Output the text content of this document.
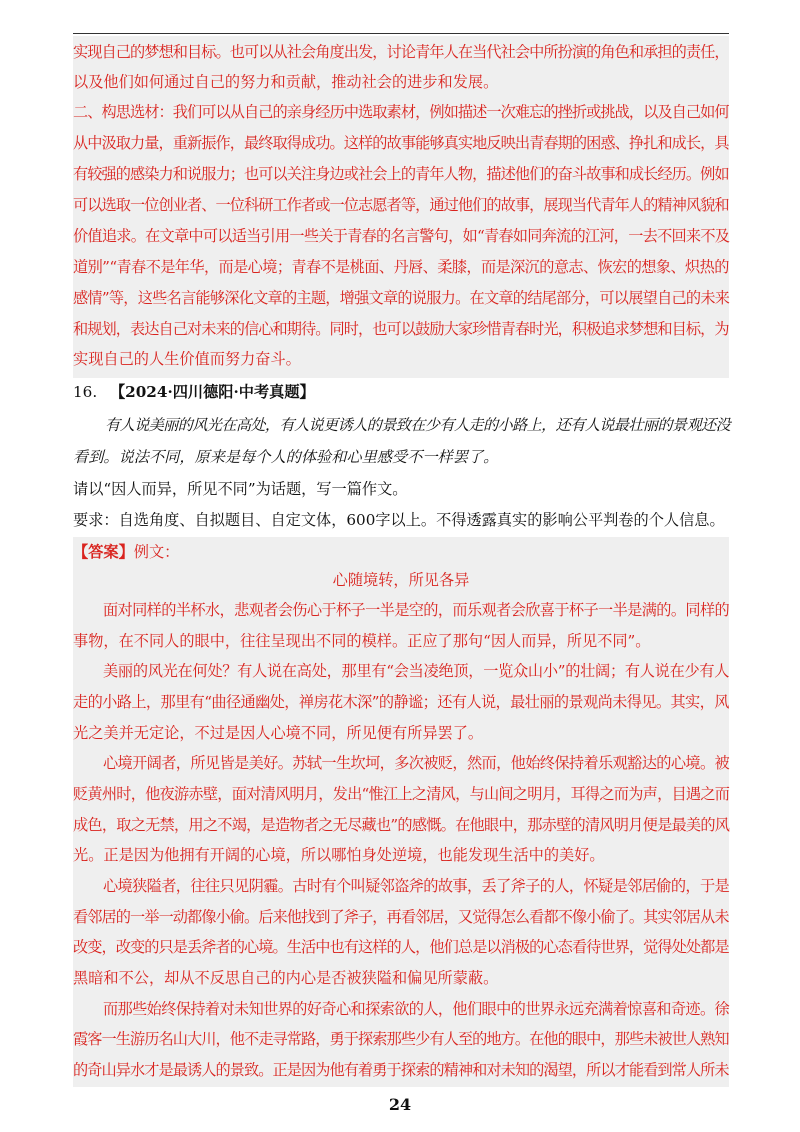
实现自己的梦想和目标。也可以从社会角度出发，讨论青年人在当代社会中所扮演的角色和承担的责任，
以及他们如何通过自己的努力和贡献，推动社会的进步和发展。
二、构思选材：我们可以从自己的亲身经历中选取素材，例如描述一次难忘的挫折或挑战，以及自己如何
从中汲取力量，重新振作，最终取得成功。这样的故事能够真实地反映出青春期的困惑、挣扎和成长，具
有较强的感染力和说服力；也可以关注身边或社会上的青年人物，描述他们的奋斗故事和成长经历。例如
可以选取一位创业者、一位科研工作者或一位志愿者等，通过他们的故事，展现当代青年人的精神风貌和
价值追求。在文章中可以适当引用一些关于青春的名言警句，如“青春如同奔流的江河，一去不回来不及
道别”“青春不是年华，而是心境；青春不是桃面、丹唇、柔膝，而是深沉的意志、恢宏的想象、炽热的
感情”等，这些名言能够深化文章的主题，增强文章的说服力。在文章的结尾部分，可以展望自己的未来
和规划，表达自己对未来的信心和期待。同时，也可以鼓励大家珍惜青春时光，积极追求梦想和目标，为
实现自己的人生价值而努力奋斗。
16. 【2024·四川德阳·中考真题】
有人说美丽的风光在高处，有人说更诱人的景致在少有人走的小路上，还有人说最壮丽的景观还没
看到。说法不同，原来是每个人的体验和心里感受不一样罢了。
请以“因人而异，所见不同”为话题，写一篇作文。
要求：自选角度、自拟题目、自定文体，600字以上。不得透露真实的影响公平判卷的个人信息。
【答案】例文：
心随境转，所见各异
面对同样的半杯水，悲观者会伤心于杯子一半是空的，而乐观者会欣喜于杯子一半是满的。同样的
事物，在不同人的眼中，往往呈现出不同的模样。正应了那句“因人而异，所见不同”。
美丽的风光在何处？有人说在高处，那里有“会当凌绝顶，一览众山小”的壮阔；有人说在少有人
走的小路上，那里有“曲径通幽处，禅房花木深”的静谧；还有人说，最壮丽的景观尚未得见。其实，风
光之美并无定论，不过是因人心境不同，所见便有所异罢了。
心境开阔者，所见皆是美好。苏轼一生坎坷，多次被贬，然而，他始终保持着乐观豁达的心境。被
贬黄州时，他夜游赤壁，面对清风明月，发出“惟江上之清风，与山间之明月，耳得之而为声，目遇之而
成色，取之无禁，用之不竭，是造物者之无尽藏也”的感慨。在他眼中，那赤壁的清风明月便是最美的风
光。正是因为他拥有开阔的心境，所以哪怕身处逆境，也能发现生活中的美好。
心境狭隘者，往往只见阴霾。古时有个叫疑邻盗斧的故事，丢了斧子的人，怀疑是邻居偷的，于是
看邻居的一举一动都像小偷。后来他找到了斧子，再看邻居，又觉得怎么看都不像小偷了。其实邻居从未
改变，改变的只是丢斧者的心境。生活中也有这样的人，他们总是以消极的心态看待世界，觉得处处都是
黑暗和不公，却从不反思自己的内心是否被狭隘和偏见所蒙蔽。
而那些始终保持着对未知世界的好奇心和探索欲的人，他们眼中的世界永远充满着惊喜和奇迹。徐
霞客一生游历名山大川，他不走寻常路，勇于探索那些少有人至的地方。在他的眼中，那些未被世人熟知
的奇山异水才是最诱人的景致。正是因为他有着勇于探索的精神和对未知的渴望，所以才能看到常人所未
24
